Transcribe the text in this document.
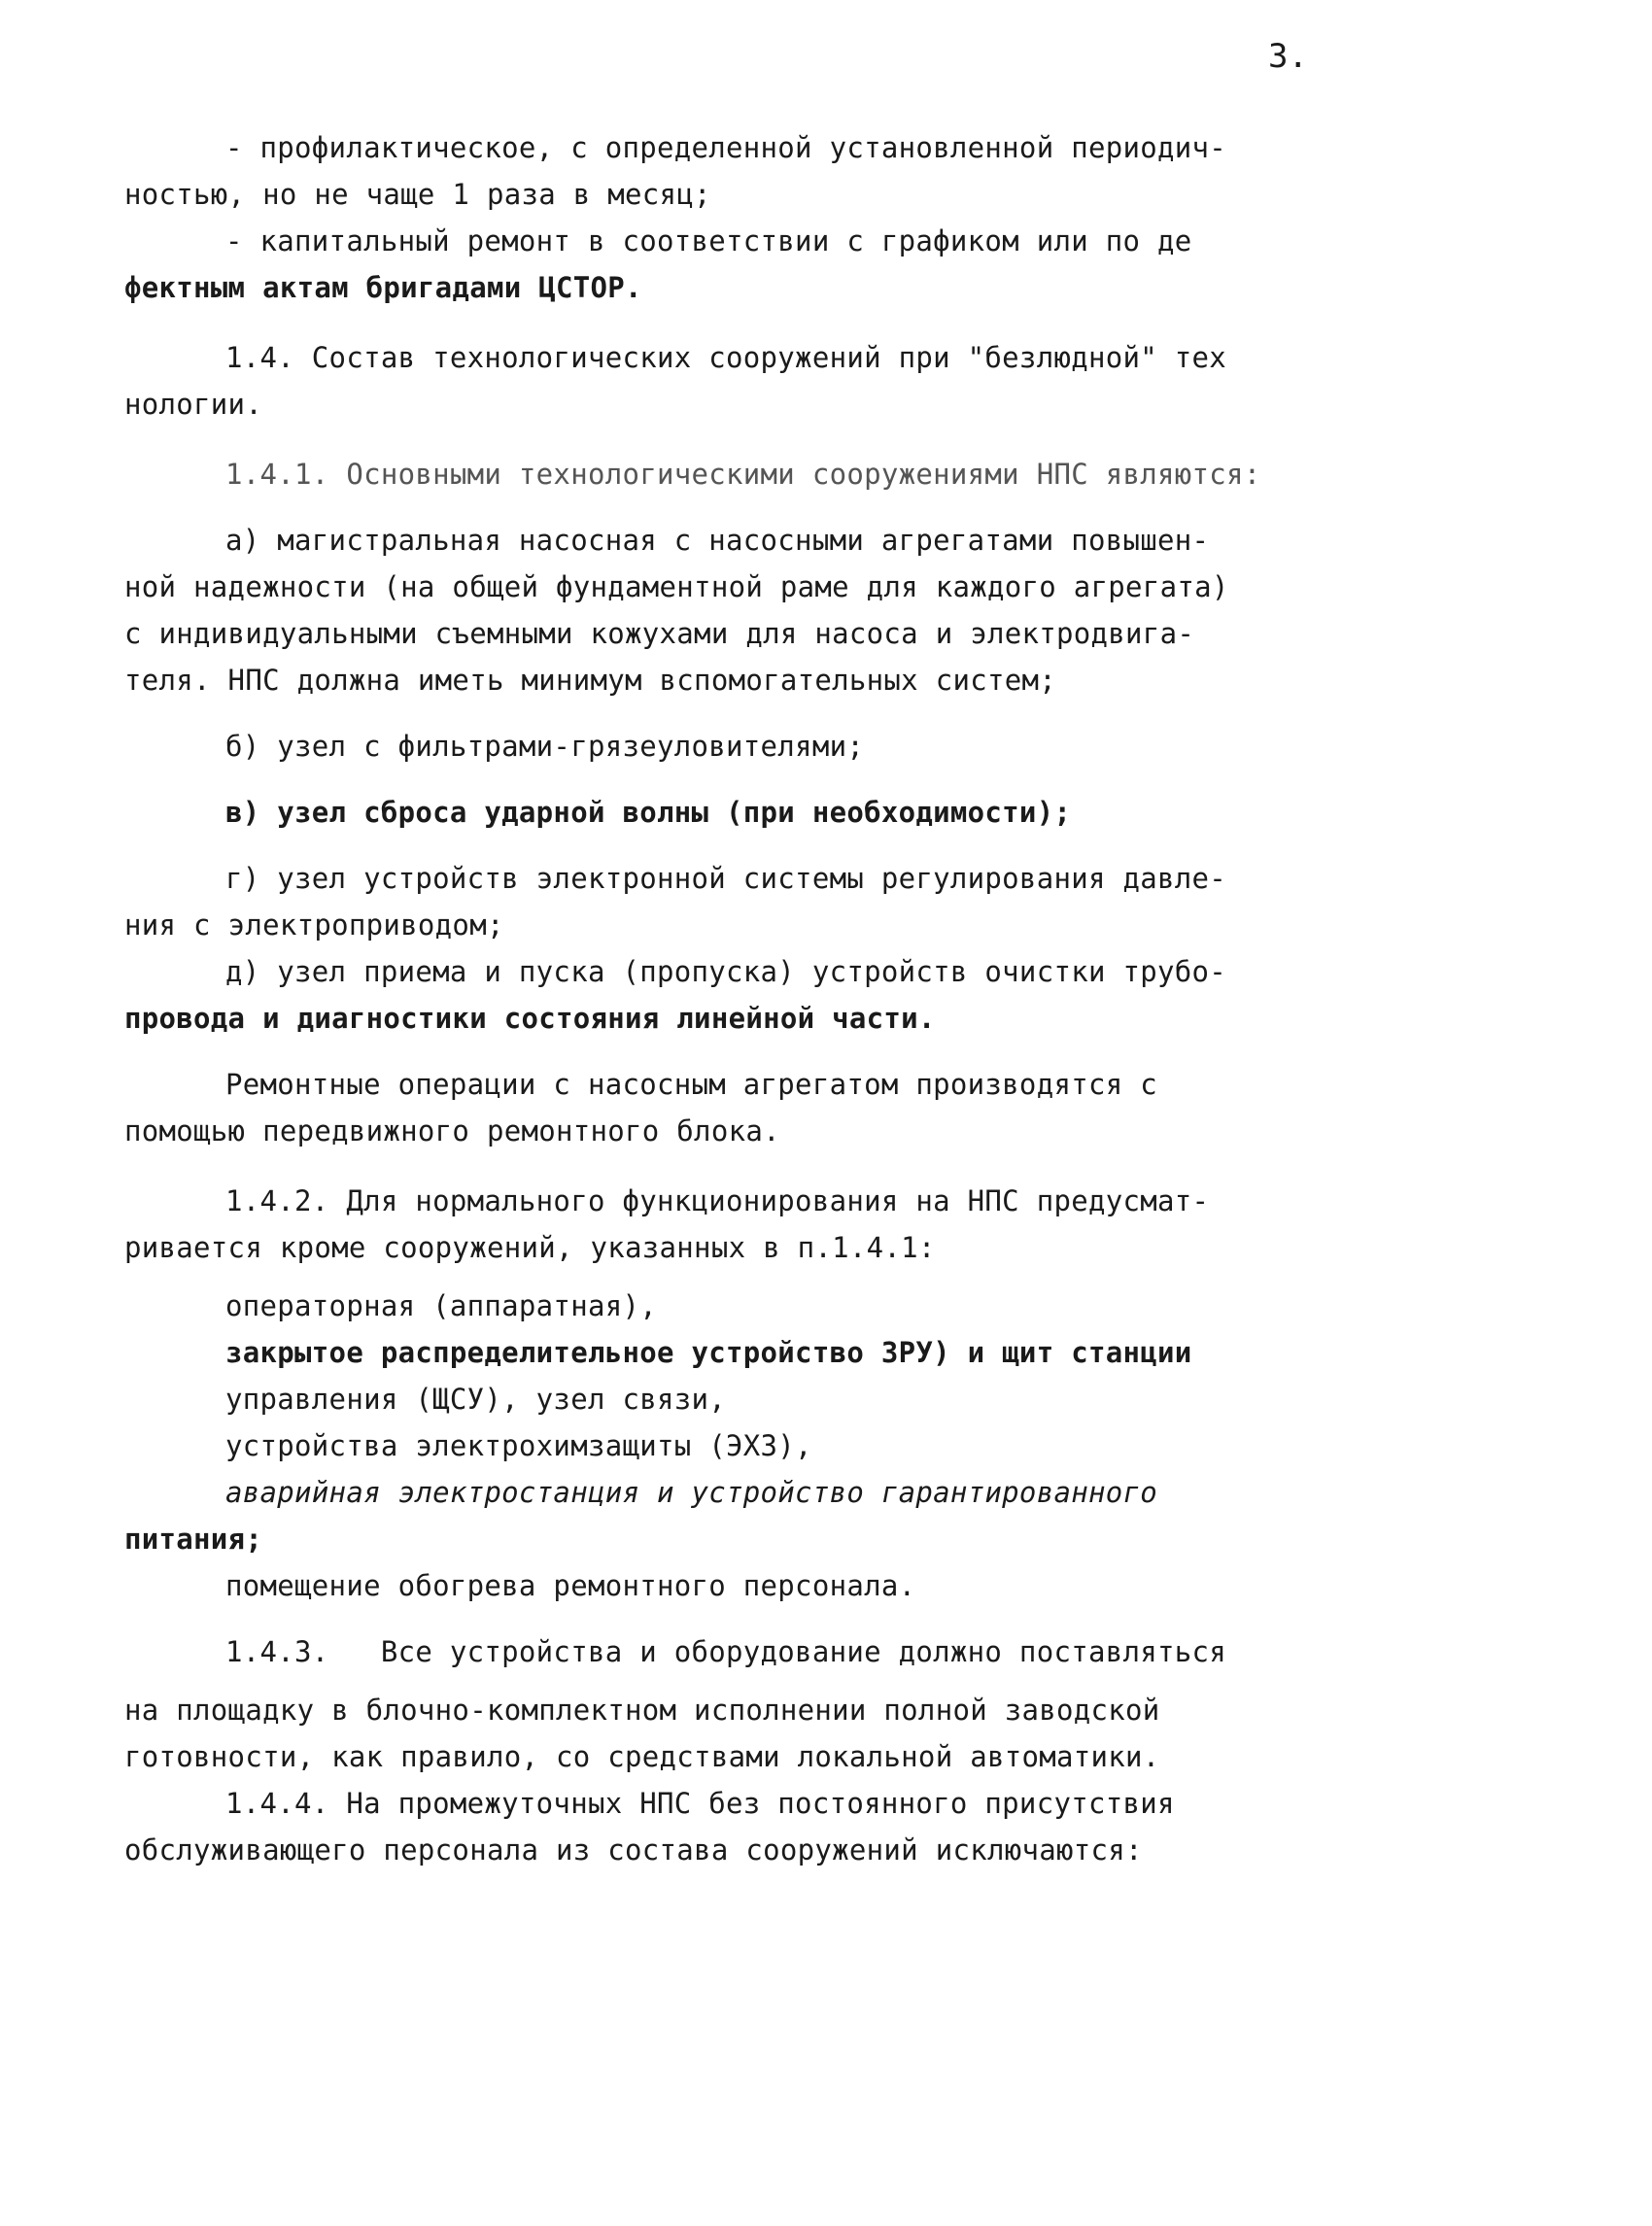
3.
- профилактическое, с определенной установленной периодич-
ностью, но не чаще 1 раза в месяц;
- капитальный ремонт в соответствии с графиком или по де
фектным актам бригадами ЦСТОР.
1.4. Состав технологических сооружений при "безлюдной" тех
нологии.
1.4.1. Основными технологическими сооружениями НПС являются:
а) магистральная насосная с насосными агрегатами повышен-
ной надежности (на общей фундаментной раме для каждого агрегата)
с индивидуальными съемными кожухами для насоса и электродвига-
теля. НПС должна иметь минимум вспомогательных систем;
б) узел с фильтрами-грязеуловителями;
в) узел сброса ударной волны (при необходимости);
г) узел устройств электронной системы регулирования давле-
ния с электроприводом;
д) узел приема и пуска (пропуска) устройств очистки трубо-
провода и диагностики состояния линейной части.
Ремонтные операции с насосным агрегатом производятся с
помощью передвижного ремонтного блока.
1.4.2. Для нормального функционирования на НПС предусмат-
ривается кроме сооружений, указанных в п.1.4.1:
операторная (аппаратная),
закрытое распределительное устройство ЗРУ) и щит станции
управления (ЩСУ), узел связи,
устройства электрохимзащиты (ЭХЗ),
аварийная электростанция и устройство гарантированного
питания;
помещение обогрева ремонтного персонала.
1.4.3.   Все устройства и оборудование должно поставляться
на площадку в блочно-комплектном исполнении полной заводской
готовности, как правило, со средствами локальной автоматики.
1.4.4. На промежуточных НПС без постоянного присутствия
обслуживающего персонала из состава сооружений исключаются:
